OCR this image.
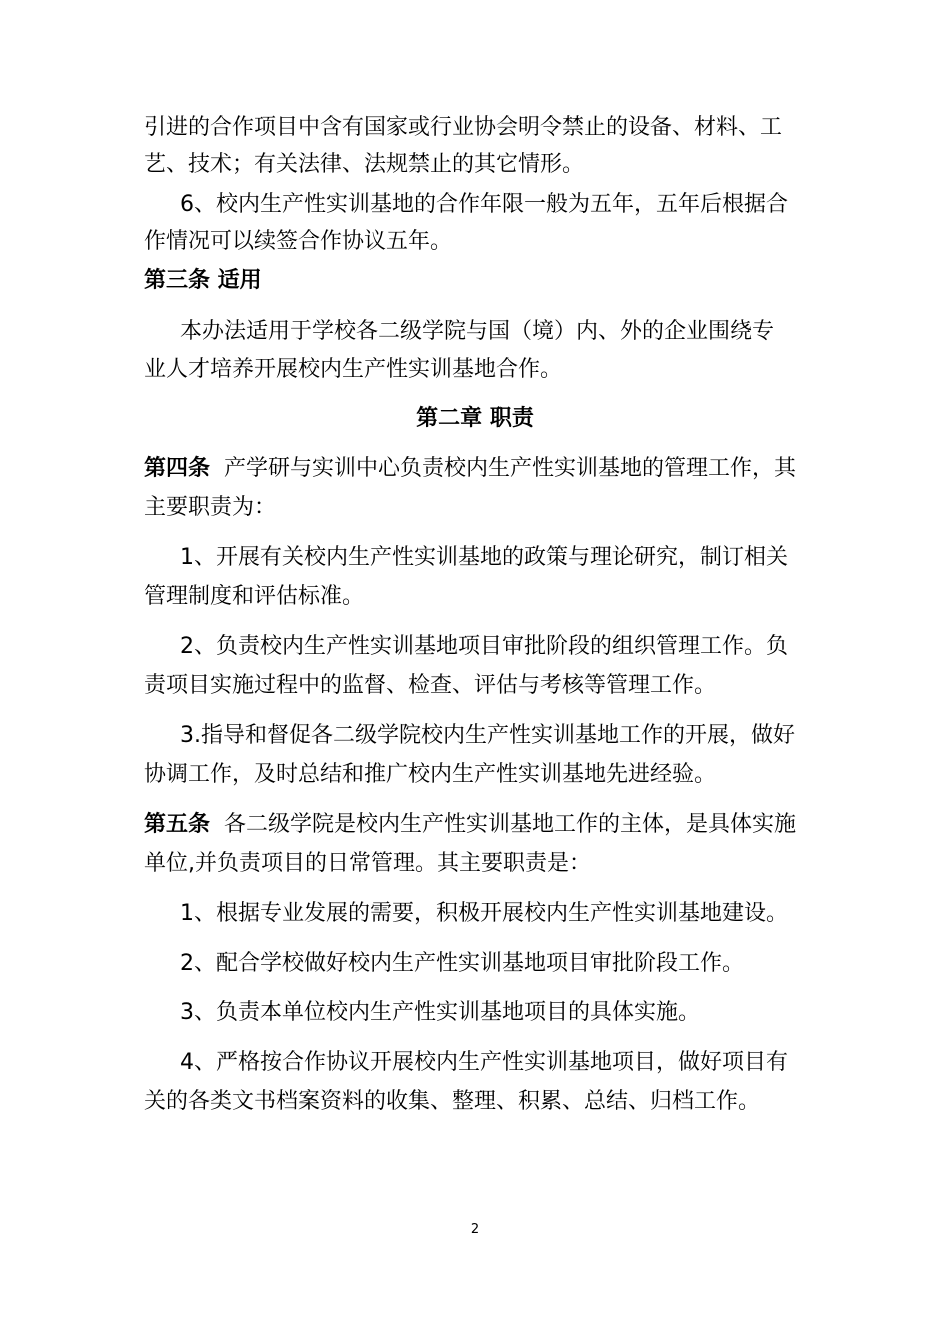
引进的合作项目中含有国家或行业协会明令禁止的设备、材料、工
艺、技术；有关法律、法规禁止的其它情形。
6、校内生产性实训基地的合作年限一般为五年，五年后根据合
作情况可以续签合作协议五年。
第三条 适用
本办法适用于学校各二级学院与国（境）内、外的企业围绕专
业人才培养开展校内生产性实训基地合作。
第二章 职责
第四条 产学研与实训中心负责校内生产性实训基地的管理工作，其
主要职责为：
1、开展有关校内生产性实训基地的政策与理论研究，制订相关
管理制度和评估标准。
2、负责校内生产性实训基地项目审批阶段的组织管理工作。负
责项目实施过程中的监督、检查、评估与考核等管理工作。
3.指导和督促各二级学院校内生产性实训基地工作的开展，做好
协调工作，及时总结和推广校内生产性实训基地先进经验。
第五条 各二级学院是校内生产性实训基地工作的主体，是具体实施
单位,并负责项目的日常管理。其主要职责是：
1、根据专业发展的需要，积极开展校内生产性实训基地建设。
2、配合学校做好校内生产性实训基地项目审批阶段工作。
3、负责本单位校内生产性实训基地项目的具体实施。
4、严格按合作协议开展校内生产性实训基地项目，做好项目有
关的各类文书档案资料的收集、整理、积累、总结、归档工作。
2
